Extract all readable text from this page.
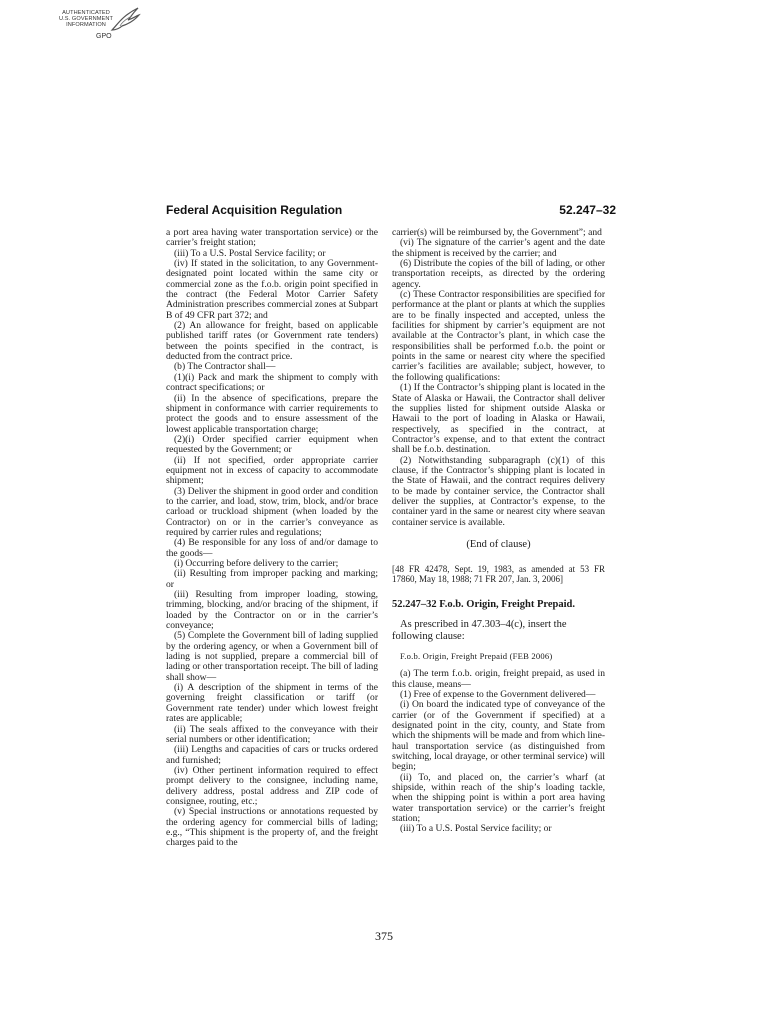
AUTHENTICATED
U.S. GOVERNMENT
INFORMATION
GPO
Federal Acquisition Regulation	52.247–32

a port area having water transportation service) or the carrier’s freight station;

(iii) To a U.S. Postal Service facility; or

(iv) If stated in the solicitation, to any Government-designated point located within the same city or commercial zone as the f.o.b. origin point specified in the contract (the Federal Motor Carrier Safety Administration prescribes commercial zones at Subpart B of 49 CFR part 372; and

(2) An allowance for freight, based on applicable published tariff rates (or Government rate tenders) between the points specified in the contract, is deducted from the contract price.

(b) The Contractor shall—

(1)(i) Pack and mark the shipment to comply with contract specifications; or

(ii) In the absence of specifications, prepare the shipment in conformance with carrier requirements to protect the goods and to ensure assessment of the lowest applicable transportation charge;

(2)(i) Order specified carrier equipment when requested by the Government; or

(ii) If not specified, order appropriate carrier equipment not in excess of capacity to accommodate shipment;

(3) Deliver the shipment in good order and condition to the carrier, and load, stow, trim, block, and/or brace carload or truckload shipment (when loaded by the Contractor) on or in the carrier’s conveyance as required by carrier rules and regulations;

(4) Be responsible for any loss of and/or damage to the goods—

(i) Occurring before delivery to the carrier;

(ii) Resulting from improper packing and marking; or

(iii) Resulting from improper loading, stowing, trimming, blocking, and/or bracing of the shipment, if loaded by the Contractor on or in the carrier’s conveyance;

(5) Complete the Government bill of lading supplied by the ordering agency, or when a Government bill of lading is not supplied, prepare a commercial bill of lading or other transportation receipt. The bill of lading shall show—

(i) A description of the shipment in terms of the governing freight classification or tariff (or Government rate tender) under which lowest freight rates are applicable;

(ii) The seals affixed to the conveyance with their serial numbers or other identification;

(iii) Lengths and capacities of cars or trucks ordered and furnished;

(iv) Other pertinent information required to effect prompt delivery to the consignee, including name, delivery address, postal address and ZIP code of consignee, routing, etc.;

(v) Special instructions or annotations requested by the ordering agency for commercial bills of lading; e.g., “This shipment is the property of, and the freight charges paid to the

carrier(s) will be reimbursed by, the Government”; and

(vi) The signature of the carrier’s agent and the date the shipment is received by the carrier; and

(6) Distribute the copies of the bill of lading, or other transportation receipts, as directed by the ordering agency.

(c) These Contractor responsibilities are specified for performance at the plant or plants at which the supplies are to be finally inspected and accepted, unless the facilities for shipment by carrier’s equipment are not available at the Contractor’s plant, in which case the responsibilities shall be performed f.o.b. the point or points in the same or nearest city where the specified carrier’s facilities are available; subject, however, to the following qualifications:

(1) If the Contractor’s shipping plant is located in the State of Alaska or Hawaii, the Contractor shall deliver the supplies listed for shipment outside Alaska or Hawaii to the port of loading in Alaska or Hawaii, respectively, as specified in the contract, at Contractor’s expense, and to that extent the contract shall be f.o.b. destination.

(2) Notwithstanding subparagraph (c)(1) of this clause, if the Contractor’s shipping plant is located in the State of Hawaii, and the contract requires delivery to be made by container service, the Contractor shall deliver the supplies, at Contractor’s expense, to the container yard in the same or nearest city where seavan container service is available.

(End of clause)

[48 FR 42478, Sept. 19, 1983, as amended at 53 FR 17860, May 18, 1988; 71 FR 207, Jan. 3, 2006]

52.247–32 F.o.b. Origin, Freight Prepaid.

As prescribed in 47.303–4(c), insert the following clause:

F.o.b. Origin, Freight Prepaid (FEB 2006)

(a) The term f.o.b. origin, freight prepaid, as used in this clause, means—

(1) Free of expense to the Government delivered—

(i) On board the indicated type of conveyance of the carrier (or of the Government if specified) at a designated point in the city, county, and State from which the shipments will be made and from which line-haul transportation service (as distinguished from switching, local drayage, or other terminal service) will begin;

(ii) To, and placed on, the carrier’s wharf (at shipside, within reach of the ship’s loading tackle, when the shipping point is within a port area having water transportation service) or the carrier’s freight station;

(iii) To a U.S. Postal Service facility; or

375
